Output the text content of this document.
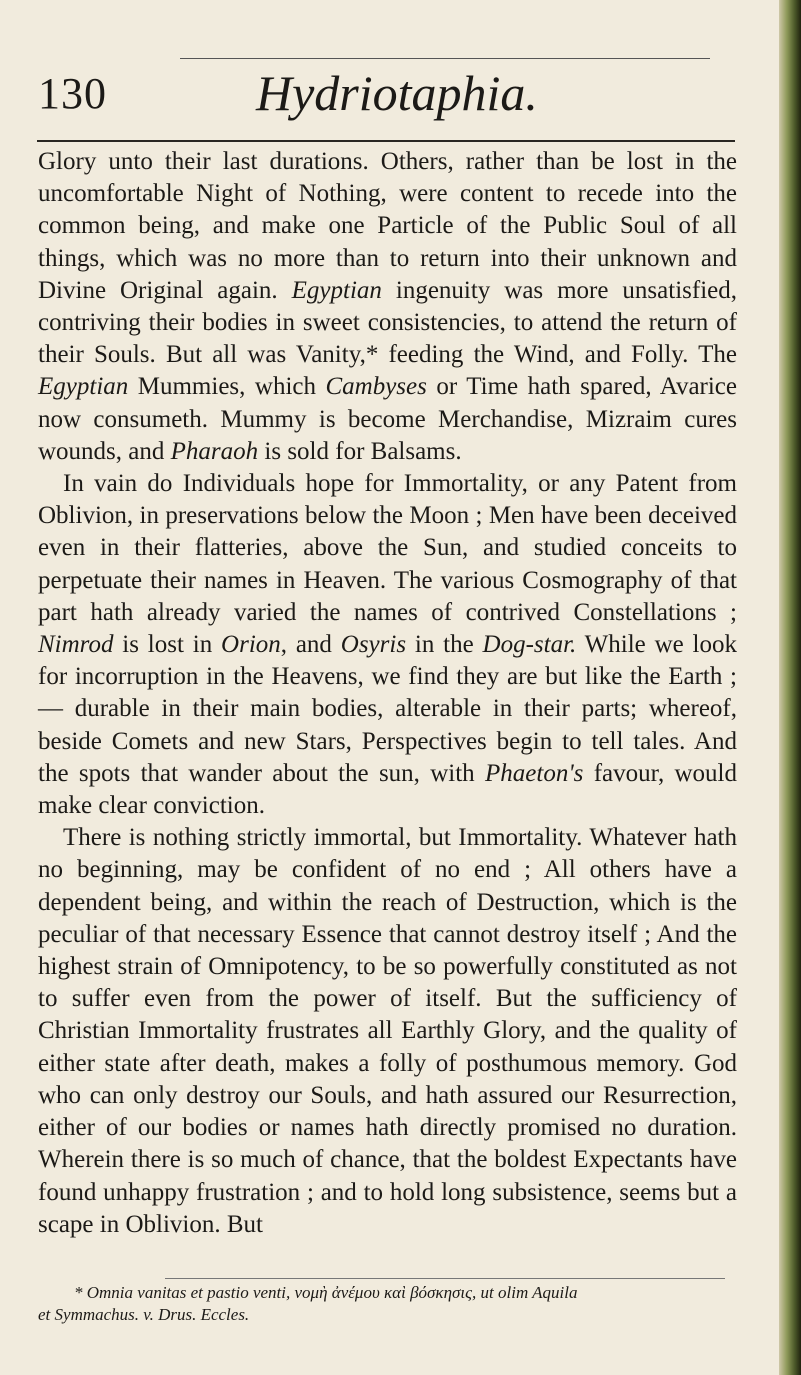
130	Hydriotaphia.

Glory unto their last durations. Others, rather than be lost in the uncomfortable Night of Nothing, were content to recede into the common being, and make one Particle of the Public Soul of all things, which was no more than to return into their unknown and Divine Original again. Egyptian ingenuity was more unsatisfied, contriving their bodies in sweet consistencies, to attend the return of their Souls. But all was Vanity,* feeding the Wind, and Folly. The Egyptian Mummies, which Cambyses or Time hath spared, Avarice now consumeth. Mummy is become Merchandise, Mizraim cures wounds, and Pharaoh is sold for Balsams.

In vain do Individuals hope for Immortality, or any Patent from Oblivion, in preservations below the Moon ; Men have been deceived even in their flatteries, above the Sun, and studied conceits to perpetuate their names in Heaven. The various Cosmography of that part hath already varied the names of contrived Constellations ; Nimrod is lost in Orion, and Osyris in the Dog-star. While we look for incorruption in the Heavens, we find they are but like the Earth ;— durable in their main bodies, alterable in their parts; whereof, beside Comets and new Stars, Perspectives begin to tell tales. And the spots that wander about the sun, with Phaeton's favour, would make clear conviction.

There is nothing strictly immortal, but Immortality. Whatever hath no beginning, may be confident of no end ; All others have a dependent being, and within the reach of Destruction, which is the peculiar of that necessary Essence that cannot destroy itself ; And the highest strain of Omnipotency, to be so powerfully constituted as not to suffer even from the power of itself. But the sufficiency of Christian Immortality frustrates all Earthly Glory, and the quality of either state after death, makes a folly of posthumous memory. God who can only destroy our Souls, and hath assured our Resurrection, either of our bodies or names hath directly promised no duration. Wherein there is so much of chance, that the boldest Expectants have found unhappy frustration ; and to hold long subsistence, seems but a scape in Oblivion. But

* Omnia vanitas et pastio venti, νομὴ ἀνέμου καὶ βόσκησις, ut olim Aquila
et Symmachus. v. Drus. Eccles.
